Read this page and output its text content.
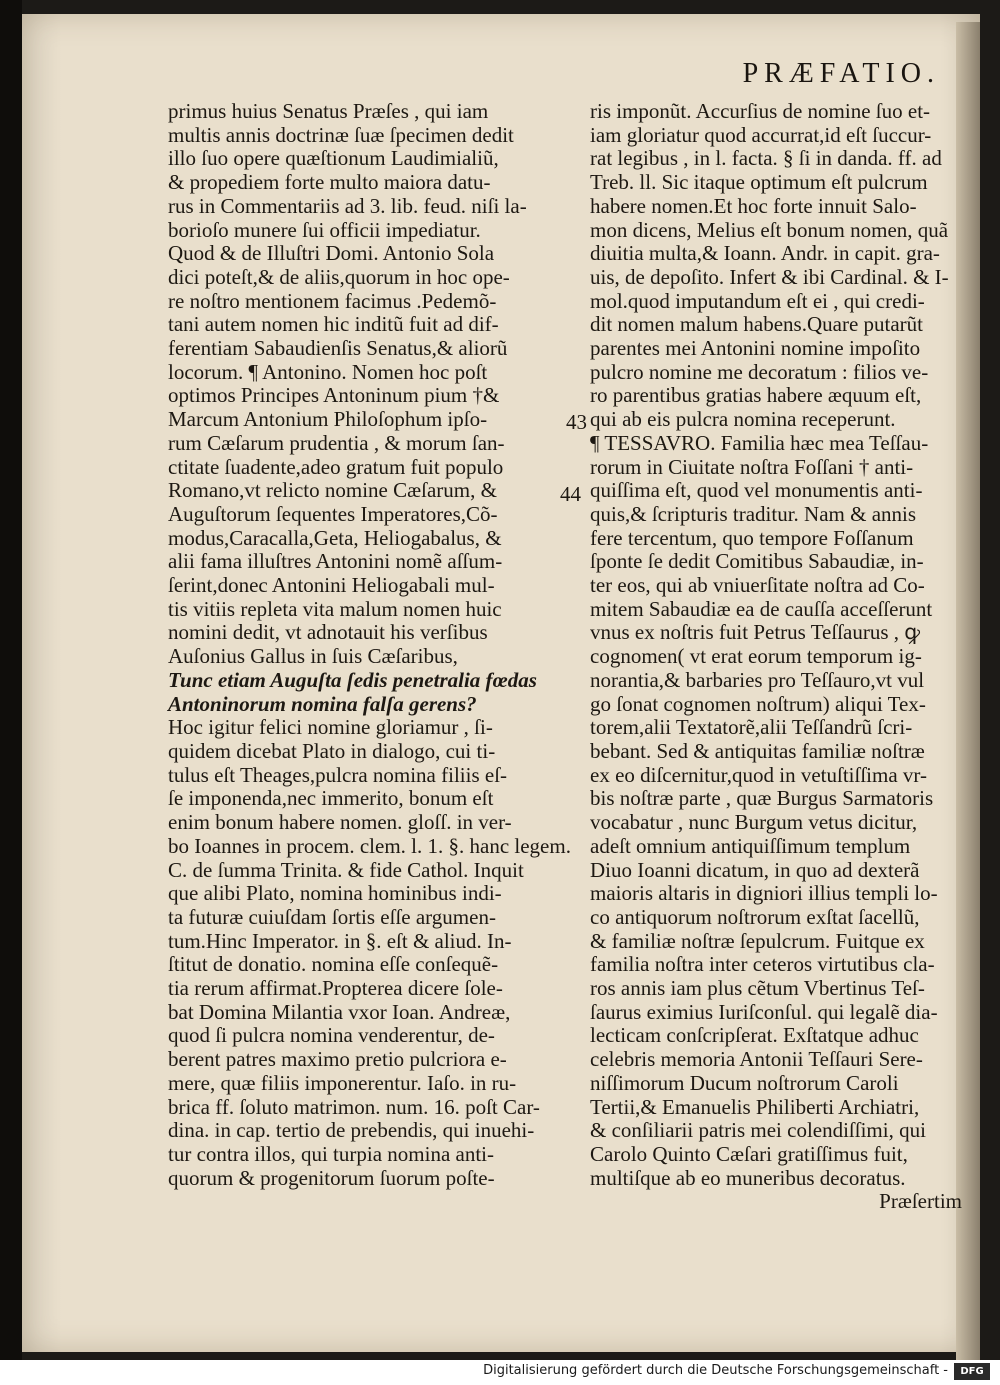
PRÆFATIO.
primus huius Senatus Præſes , qui iam
multis annis doctrinæ ſuæ ſpecimen dedit
illo ſuo opere quæſtionum Laudimialiũ,
& propediem forte multo maiora datu-
rus in Commentariis ad 3. lib. feud. niſi la-
borioſo munere ſui officii impediatur.
Quod & de Illuſtri Domi. Antonio Sola
dici poteſt,& de aliis,quorum in hoc ope-
re noſtro mentionem facimus .Pedemõ-
tani autem nomen hic inditũ fuit ad dif-
ferentiam Sabaudienſis Senatus,& aliorũ
locorum. ¶ Antonino. Nomen hoc poſt
optimos Principes Antoninum pium †&
Marcum Antonium Philoſophum ipſo-
rum Cæſarum prudentia , & morum ſan-
ctitate ſuadente,adeo gratum fuit populo
Romano,vt relicto nomine Cæſarum, &
Auguſtorum ſequentes Imperatores,Cõ-
modus,Caracalla,Geta, Heliogabalus, &
alii fama illuſtres Antonini nomẽ aſſum-
ſerint,donec Antonini Heliogabali mul-
tis vitiis repleta vita malum nomen huic
nomini dedit, vt adnotauit his verſibus
Auſonius Gallus in ſuis Cæſaribus,
Tunc etiam Auguſta ſedis penetralia fœdas
Antoninorum nomina falſa gerens?
Hoc igitur felici nomine gloriamur , ſi-
quidem dicebat Plato in dialogo, cui ti-
tulus eſt Theages,pulcra nomina filiis eſ-
ſe imponenda,nec immerito, bonum eſt
enim bonum habere nomen. gloſſ. in ver-
bo Ioannes in procem. clem. l. 1. §. hanc legem.
C. de ſumma Trinita. & fide Cathol. Inquit
que alibi Plato, nomina hominibus indi-
ta futuræ cuiuſdam ſortis eſſe argumen-
tum.Hinc Imperator. in §. eſt & aliud. In-
ſtitut de donatio. nomina eſſe conſequẽ-
tia rerum affirmat.Propterea dicere ſole-
bat Domina Milantia vxor Ioan. Andreæ,
quod ſi pulcra nomina venderentur, de-
berent patres maximo pretio pulcriora e-
mere, quæ filiis imponerentur. Iaſo. in ru-
brica ff. ſoluto matrimon. num. 16. poſt Car-
dina. in cap. tertio de prebendis, qui inuehi-
tur contra illos, qui turpia nomina anti-
quorum & progenitorum ſuorum poſte-
ris imponũt. Accurſius de nomine ſuo et-
iam gloriatur quod accurrat,id eſt ſuccur-
rat legibus , in l. facta. § ſi in danda. ff. ad
Treb. ll. Sic itaque optimum eſt pulcrum
habere nomen.Et hoc forte innuit Salo-
mon dicens, Melius eſt bonum nomen, quã
diuitia multa,& Ioann. Andr. in capit. gra-
uis, de depoſito. Infert & ibi Cardinal. & I-
mol.quod imputandum eſt ei , qui credi-
dit nomen malum habens.Quare putarũt
parentes mei Antonini nomine impoſito
pulcro nomine me decoratum : filios ve-
ro parentibus gratias habere æquum eſt,
qui ab eis pulcra nomina receperunt.
¶ TESSAVRO. Familia hæc mea Teſſau-
rorum in Ciuitate noſtra Foſſani † anti-
quiſſima eſt, quod vel monumentis anti-
quis,& ſcripturis traditur. Nam & annis
fere tercentum, quo tempore Foſſanum
ſponte ſe dedit Comitibus Sabaudiæ, in-
ter eos, qui ab vniuerſitate noſtra ad Co-
mitem Sabaudiæ ea de cauſſa acceſſerunt
vnus ex noſtris fuit Petrus Teſſaurus , ꝙ
cognomen( vt erat eorum temporum ig-
norantia,& barbaries pro Teſſauro,vt vul
go ſonat cognomen noſtrum) aliqui Tex-
torem,alii Textatorẽ,alii Teſſandrũ ſcri-
bebant. Sed & antiquitas familiæ noſtræ
ex eo diſcernitur,quod in vetuſtiſſima vr-
bis noſtræ parte , quæ Burgus Sarmatoris
vocabatur , nunc Burgum vetus dicitur,
adeſt omnium antiquiſſimum templum
Diuo Ioanni dicatum, in quo ad dexterã
maioris altaris in digniori illius templi lo-
co antiquorum noſtrorum exſtat ſacellũ,
& familiæ noſtræ ſepulcrum. Fuitque ex
familia noſtra inter ceteros virtutibus cla-
ros annis iam plus cẽtum Vbertinus Teſ-
ſaurus eximius Iuriſconſul. qui legalẽ dia-
lecticam conſcripſerat. Exſtatque adhuc
celebris memoria Antonii Teſſauri Sere-
niſſimorum Ducum noſtrorum Caroli
Tertii,& Emanuelis Philiberti Archiatri,
& conſiliarii patris mei colendiſſimi, qui
Carolo Quinto Cæſari gratiſſimus fuit,
multiſque ab eo muneribus decoratus.
Præſertim
43
44
Digitalisierung gefördert durch die Deutsche Forschungsgemeinschaft -	DFG
